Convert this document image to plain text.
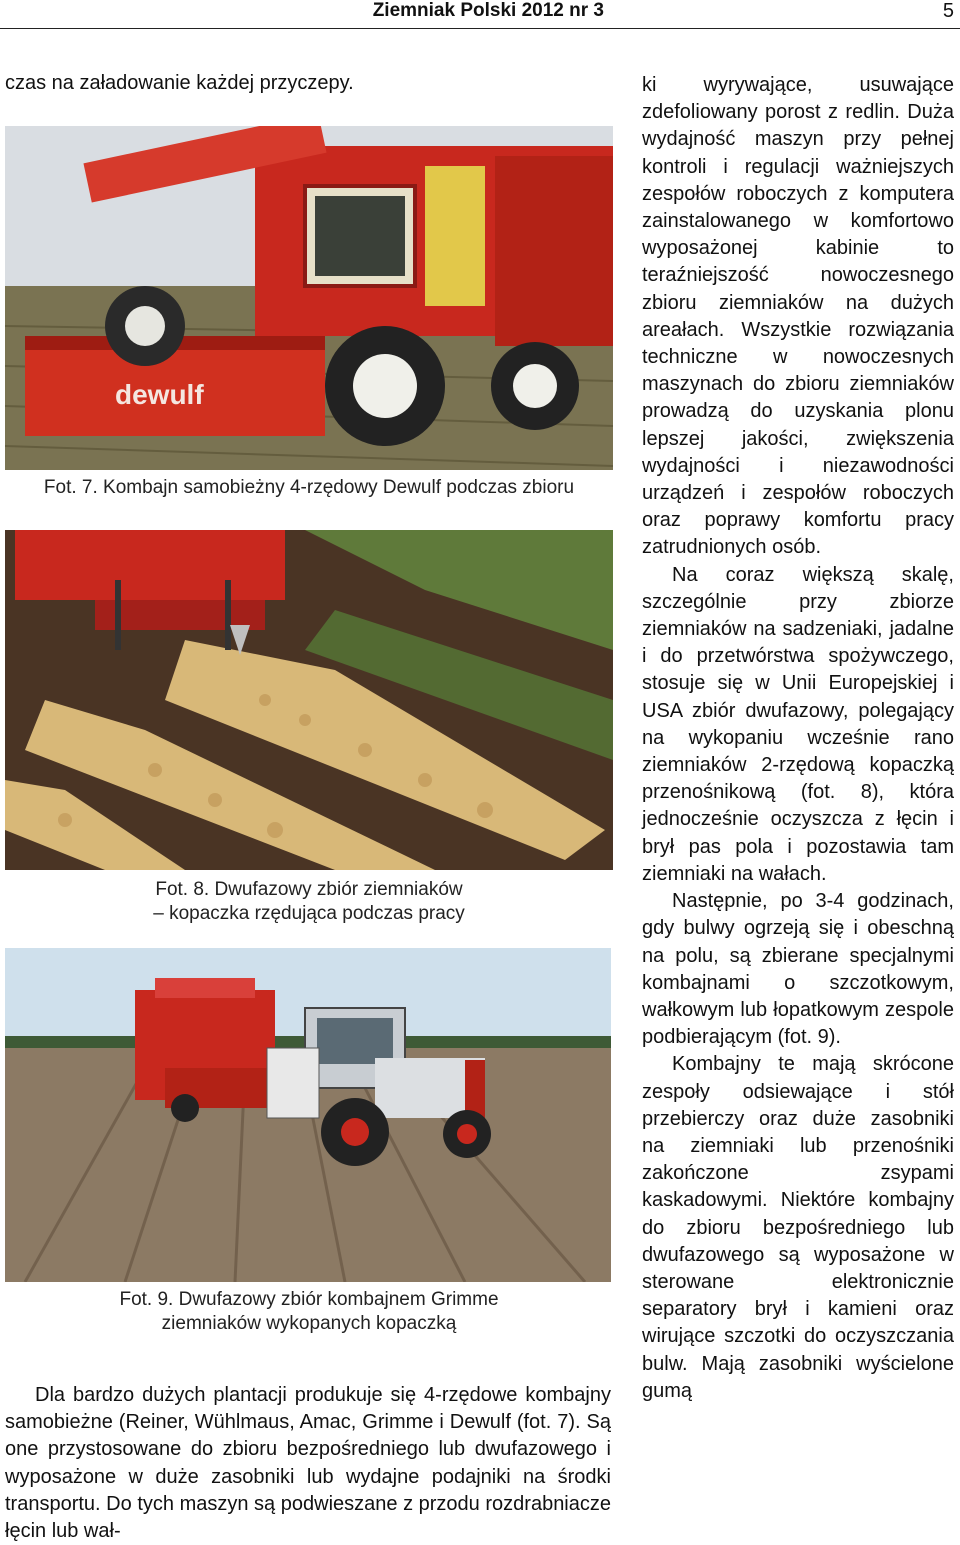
Ziemniak Polski 2012 nr 3	5

czas na załadowanie każdej przyczepy.

dewulf
Fot. 7. Kombajn samobieżny 4-rzędowy Dewulf podczas zbioru
Fot. 8. Dwufazowy zbiór ziemniaków
– kopaczka rzędująca podczas pracy
Fot. 9. Dwufazowy zbiór kombajnem Grimme
ziemniaków wykopanych kopaczką

Dla bardzo dużych plantacji produkuje się 4-rzędowe kombajny samobieżne (Reiner, Wühlmaus, Amac, Grimme i Dewulf (fot. 7). Są one przystosowane do zbioru bezpośredniego lub dwufazowego i wyposażone w duże zasobniki lub wydajne podajniki na środki transportu. Do tych maszyn są podwieszane z przodu rozdrabniacze łęcin lub wał-

ki wyrywające, usuwające zdefoliowany porost z redlin. Duża wydajność maszyn przy pełnej kontroli i regulacji ważniejszych zespołów roboczych z komputera zainstalowanego w komfortowo wyposażonej kabinie to teraźniejszość nowoczesnego zbioru ziemniaków na dużych areałach. Wszystkie rozwiązania techniczne w nowoczesnych maszynach do zbioru ziemniaków prowadzą do uzyskania plonu lepszej jakości, zwiększenia wydajności i niezawodności urządzeń i zespołów roboczych oraz poprawy komfortu pracy zatrudnionych osób.

Na coraz większą skalę, szczególnie przy zbiorze ziemniaków na sadzeniaki, jadalne i do przetwórstwa spożywczego, stosuje się w Unii Europejskiej i USA zbiór dwufazowy, polegający na wykopaniu wcześnie rano ziemniaków 2-rzędową kopaczką przenośnikową (fot. 8), która jednocześnie oczyszcza z łęcin i brył pas pola i pozostawia tam ziemniaki na wałach.

Następnie, po 3-4 godzinach, gdy bulwy ogrzeją się i obeschną na polu, są zbierane specjalnymi kombajnami o szczotkowym, wałkowym lub łopatkowym zespole podbierającym (fot. 9).

Kombajny te mają skrócone zespoły odsiewające i stół przebierczy oraz duże zasobniki na ziemniaki lub przenośniki zakończone zsypami kaskadowymi. Niektóre kombajny do zbioru bezpośredniego lub dwufazowego są wyposażone w sterowane elektronicznie separatory brył i kamieni oraz wirujące szczotki do oczyszczania bulw. Mają zasobniki wyścielone gumą
